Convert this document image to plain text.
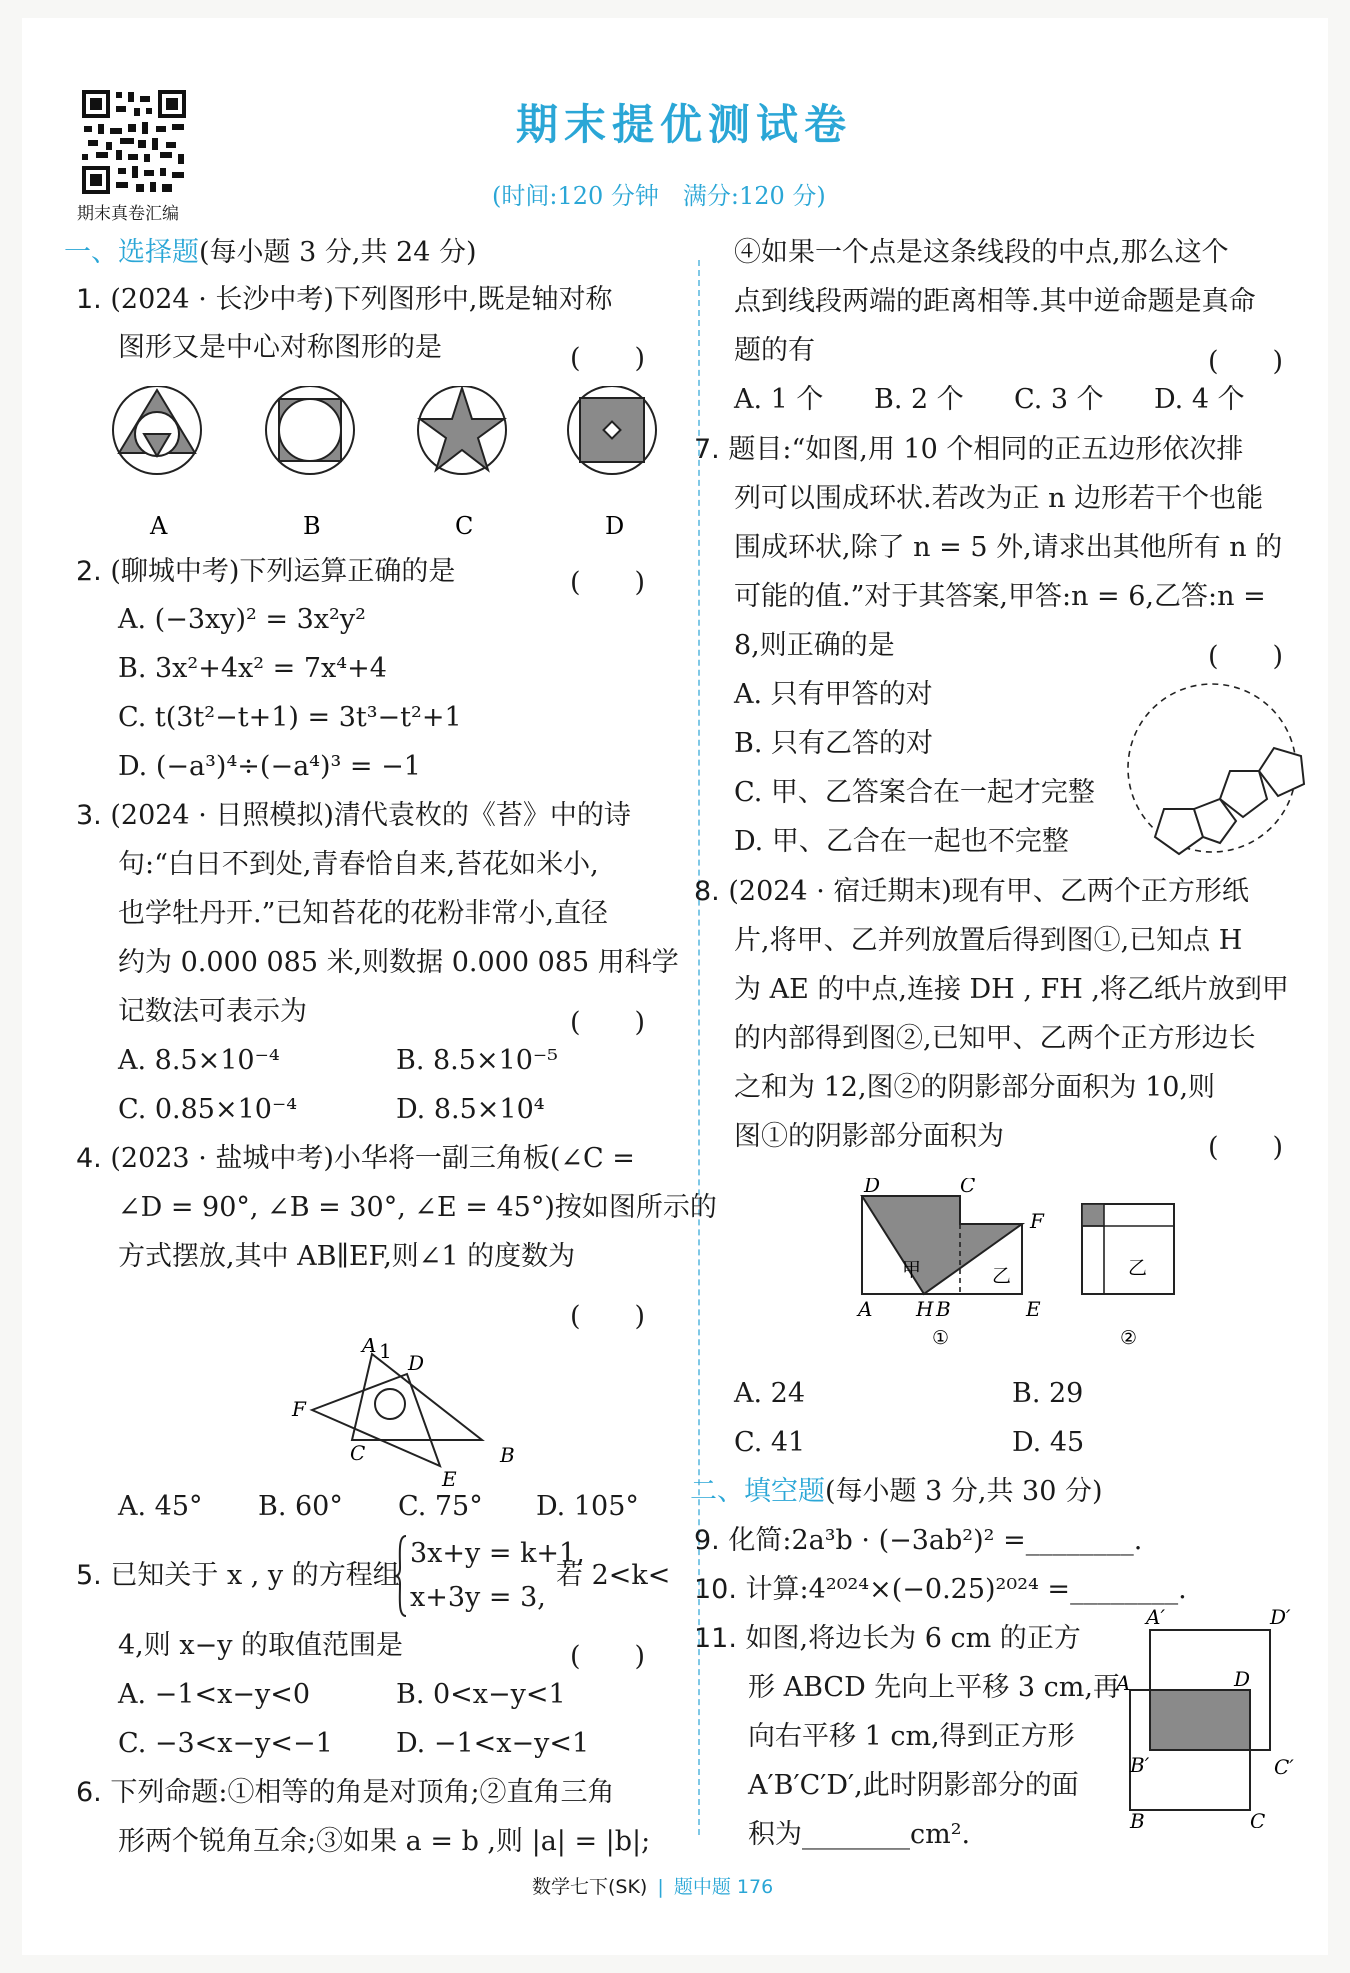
期末真卷汇编
期末提优测试卷
(时间:120 分钟　满分:120 分)
一、选择题(每小题 3 分,共 24 分)
1. (2024 · 长沙中考)下列图形中,既是轴对称
图形又是中心对称图形的是	(　　)
A	B	C	D
2. (聊城中考)下列运算正确的是	(　　)
A. (−3xy)² = 3x²y²
B. 3x²+4x² = 7x⁴+4
C. t(3t²−t+1) = 3t³−t²+1
D. (−a³)⁴÷(−a⁴)³ = −1
3. (2024 · 日照模拟)清代袁枚的《苔》中的诗
句:“白日不到处,青春恰自来,苔花如米小,
也学牡丹开.”已知苔花的花粉非常小,直径
约为 0.000 085 米,则数据 0.000 085 用科学
记数法可表示为	(　　)
A. 8.5×10⁻⁴	B. 8.5×10⁻⁵
C. 0.85×10⁻⁴	D. 8.5×10⁴
4. (2023 · 盐城中考)小华将一副三角板(∠C =
∠D = 90°, ∠B = 30°, ∠E = 45°)按如图所示的
方式摆放,其中 AB∥EF,则∠1 的度数为
(　　)
A 1 D
F
C	B
E
A. 45° B. 60° C. 75° D. 105°
5. 已知关于 x , y 的方程组
3x+y = k+1,
x+3y = 3,
若 2<k<
4,则 x−y 的取值范围是	(　　)
A. −1<x−y<0	B. 0<x−y<1
C. −3<x−y<−1 D. −1<x−y<1
6. 下列命题:①相等的角是对顶角;②直角三角
形两个锐角互余;③如果 a = b ,则 |a| = |b|;
④如果一个点是这条线段的中点,那么这个
点到线段两端的距离相等.其中逆命题是真命
题的有	(　　)
A. 1 个 B. 2 个 C. 3 个 D. 4 个
7. 题目:“如图,用 10 个相同的正五边形依次排
列可以围成环状.若改为正 n 边形若干个也能
围成环状,除了 n = 5 外,请求出其他所有 n 的
可能的值.”对于其答案,甲答:n = 6,乙答:n =
8,则正确的是	(　　)
A. 只有甲答的对
B. 只有乙答的对
C. 甲、乙答案合在一起才完整
D. 甲、乙合在一起也不完整
8. (2024 · 宿迁期末)现有甲、乙两个正方形纸
片,将甲、乙并列放置后得到图①,已知点 H
为 AE 的中点,连接 DH , FH ,将乙纸片放到甲
的内部得到图②,已知甲、乙两个正方形边长
之和为 12,图②的阴影部分面积为 10,则
图①的阴影部分面积为	(　　)
D	C
F
A H B	E
甲	乙	乙
①	②
A. 24	B. 29
C. 41	D. 45
二、填空题(每小题 3 分,共 30 分)
9. 化简:2a³b · (−3ab²)² =________.
10. 计算:4²⁰²⁴×(−0.25)²⁰²⁴ =________.
11. 如图,将边长为 6 cm 的正方
形 ABCD 先向上平移 3 cm,再
向右平移 1 cm,得到正方形
A′B′C′D′,此时阴影部分的面
积为________cm².
A′	D′
A	D
B′	C′
B	C
数学七下(SK) | 题中题 176
